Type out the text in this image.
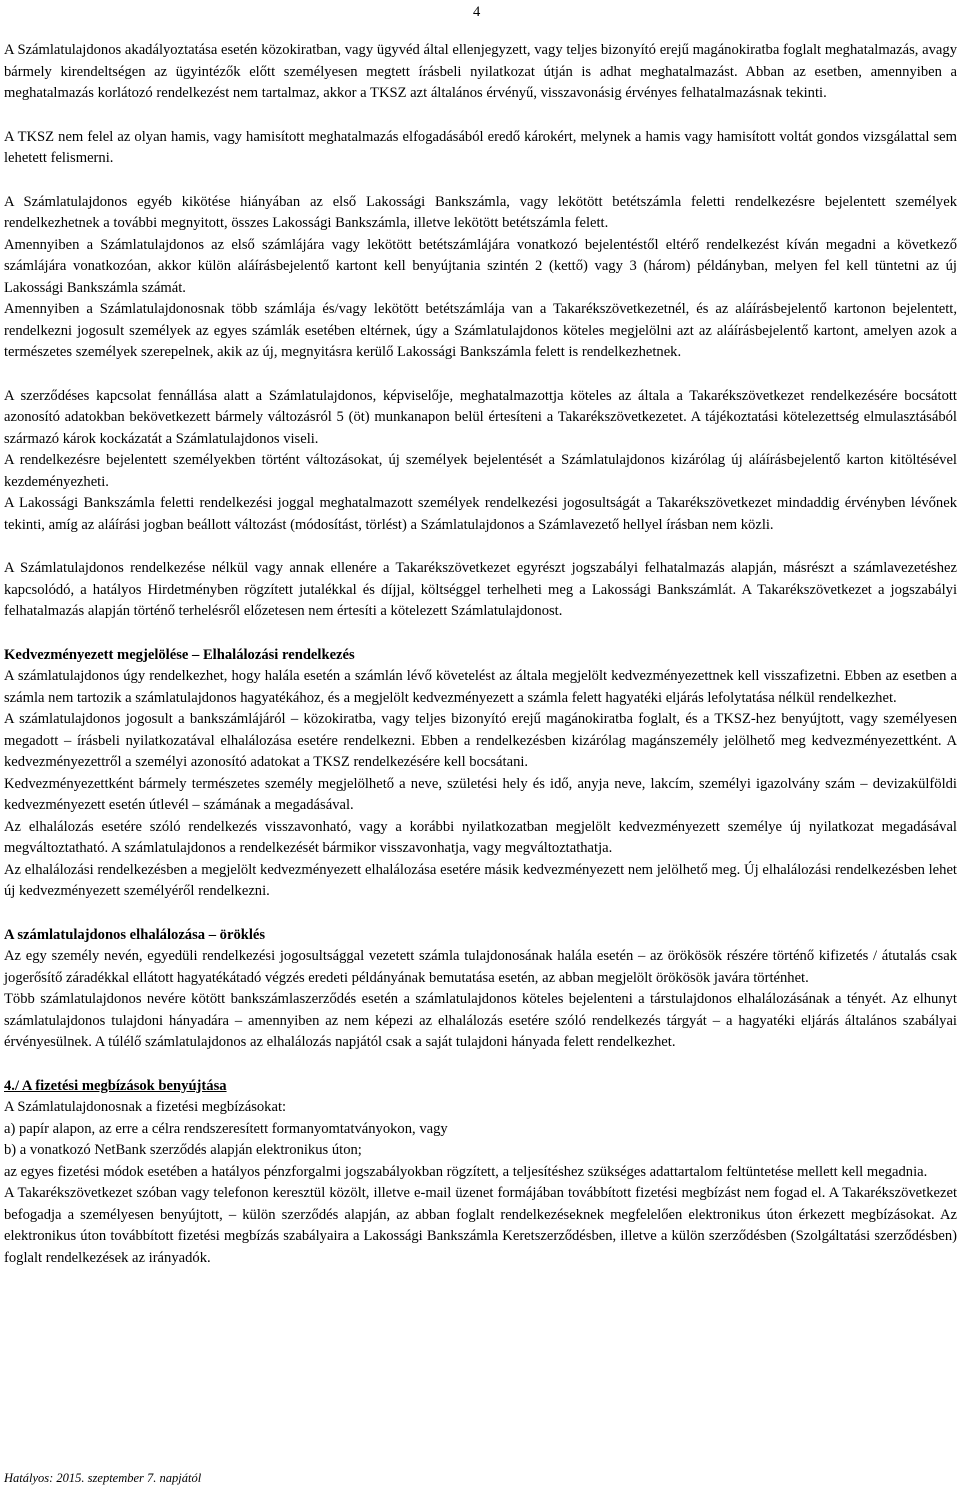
4

A Számlatulajdonos akadályoztatása esetén közokiratban, vagy ügyvéd által ellenjegyzett, vagy teljes bizonyító erejű magánokiratba foglalt meghatalmazás, avagy bármely kirendeltségen az ügyintézők előtt személyesen megtett írásbeli nyilatkozat útján is adhat meghatalmazást. Abban az esetben, amennyiben a meghatalmazás korlátozó rendelkezést nem tartalmaz, akkor a TKSZ azt általános érvényű, visszavonásig érvényes felhatalmazásnak tekinti.

A TKSZ nem felel az olyan hamis, vagy hamisított meghatalmazás elfogadásából eredő károkért, melynek a hamis vagy hamisított voltát gondos vizsgálattal sem lehetett felismerni.

A Számlatulajdonos egyéb kikötése hiányában az első Lakossági Bankszámla, vagy lekötött betétszámla feletti rendelkezésre bejelentett személyek rendelkezhetnek a további megnyitott, összes Lakossági Bankszámla, illetve lekötött betétszámla felett.

Amennyiben a Számlatulajdonos az első számlájára vagy lekötött betétszámlájára vonatkozó bejelentéstől eltérő rendelkezést kíván megadni a következő számlájára vonatkozóan, akkor külön aláírásbejelentő kartont kell benyújtania szintén 2 (kettő) vagy 3 (három) példányban, melyen fel kell tüntetni az új Lakossági Bankszámla számát.

Amennyiben a Számlatulajdonosnak több számlája és/vagy lekötött betétszámlája van a Takarékszövetkezetnél, és az aláírásbejelentő kartonon bejelentett, rendelkezni jogosult személyek az egyes számlák esetében eltérnek, úgy a Számlatulajdonos köteles megjelölni azt az aláírásbejelentő kartont, amelyen azok a természetes személyek szerepelnek, akik az új, megnyitásra kerülő Lakossági Bankszámla felett is rendelkezhetnek.

A szerződéses kapcsolat fennállása alatt a Számlatulajdonos, képviselője, meghatalmazottja köteles az általa a Takarékszövetkezet rendelkezésére bocsátott azonosító adatokban bekövetkezett bármely változásról 5 (öt) munkanapon belül értesíteni a Takarékszövetkezetet. A tájékoztatási kötelezettség elmulasztásából származó károk kockázatát a Számlatulajdonos viseli.

A rendelkezésre bejelentett személyekben történt változásokat, új személyek bejelentését a Számlatulajdonos kizárólag új aláírásbejelentő karton kitöltésével kezdeményezheti.

A Lakossági Bankszámla feletti rendelkezési joggal meghatalmazott személyek rendelkezési jogosultságát a Takarékszövetkezet mindaddig érvényben lévőnek tekinti, amíg az aláírási jogban beállott változást (módosítást, törlést) a Számlatulajdonos a Számlavezető hellyel írásban nem közli.

A Számlatulajdonos rendelkezése nélkül vagy annak ellenére a Takarékszövetkezet egyrészt jogszabályi felhatalmazás alapján, másrészt a számlavezetéshez kapcsolódó, a hatályos Hirdetményben rögzített jutalékkal és díjjal, költséggel terhelheti meg a Lakossági Bankszámlát. A Takarékszövetkezet a jogszabályi felhatalmazás alapján történő terhelésről előzetesen nem értesíti a kötelezett Számlatulajdonost.

Kedvezményezett megjelölése – Elhalálozási rendelkezés

A számlatulajdonos úgy rendelkezhet, hogy halála esetén a számlán lévő követelést az általa megjelölt kedvezményezettnek kell visszafizetni. Ebben az esetben a számla nem tartozik a számlatulajdonos hagyatékához, és a megjelölt kedvezményezett a számla felett hagyatéki eljárás lefolytatása nélkül rendelkezhet.

A számlatulajdonos jogosult a bankszámlájáról – közokiratba, vagy teljes bizonyító erejű magánokiratba foglalt, és a TKSZ-hez benyújtott, vagy személyesen megadott – írásbeli nyilatkozatával elhalálozása esetére rendelkezni. Ebben a rendelkezésben kizárólag magánszemély jelölhető meg kedvezményezettként. A kedvezményezettről a személyi azonosító adatokat a TKSZ rendelkezésére kell bocsátani.

Kedvezményezettként bármely természetes személy megjelölhető a neve, születési hely és idő, anyja neve, lakcím, személyi igazolvány szám – devizakülföldi kedvezményezett esetén útlevél – számának a megadásával.

Az elhalálozás esetére szóló rendelkezés visszavonható, vagy a korábbi nyilatkozatban megjelölt kedvezményezett személye új nyilatkozat megadásával megváltoztatható. A számlatulajdonos a rendelkezését bármikor visszavonhatja, vagy megváltoztathatja.

Az elhalálozási rendelkezésben a megjelölt kedvezményezett elhalálozása esetére másik kedvezményezett nem jelölhető meg. Új elhalálozási rendelkezésben lehet új kedvezményezett személyéről rendelkezni.

A számlatulajdonos elhalálozása – öröklés

Az egy személy nevén, egyedüli rendelkezési jogosultsággal vezetett számla tulajdonosának halála esetén – az örökösök részére történő kifizetés / átutalás csak jogerősítő záradékkal ellátott hagyatékátadó végzés eredeti példányának bemutatása esetén, az abban megjelölt örökösök javára történhet.

Több számlatulajdonos nevére kötött bankszámlaszerződés esetén a számlatulajdonos köteles bejelenteni a társtulajdonos elhalálozásának a tényét. Az elhunyt számlatulajdonos tulajdoni hányadára – amennyiben az nem képezi az elhalálozás esetére szóló rendelkezés tárgyát – a hagyatéki eljárás általános szabályai érvényesülnek. A túlélő számlatulajdonos az elhalálozás napjától csak a saját tulajdoni hányada felett rendelkezhet.

4./ A fizetési megbízások benyújtása

A Számlatulajdonosnak a fizetési megbízásokat:

a) papír alapon, az erre a célra rendszeresített formanyomtatványokon, vagy

b) a vonatkozó NetBank szerződés alapján elektronikus úton;

az egyes fizetési módok esetében a hatályos pénzforgalmi jogszabályokban rögzített, a teljesítéshez szükséges adattartalom feltüntetése mellett kell megadnia.

A Takarékszövetkezet szóban vagy telefonon keresztül közölt, illetve e-mail üzenet formájában továbbított fizetési megbízást nem fogad el. A Takarékszövetkezet befogadja a személyesen benyújtott, – külön szerződés alapján, az abban foglalt rendelkezéseknek megfelelően elektronikus úton érkezett megbízásokat. Az elektronikus úton továbbított fizetési megbízás szabályaira a Lakossági Bankszámla Keretszerződésben, illetve a külön szerződésben (Szolgáltatási szerződésben) foglalt rendelkezések az irányadók.

Hatályos: 2015. szeptember 7. napjától
